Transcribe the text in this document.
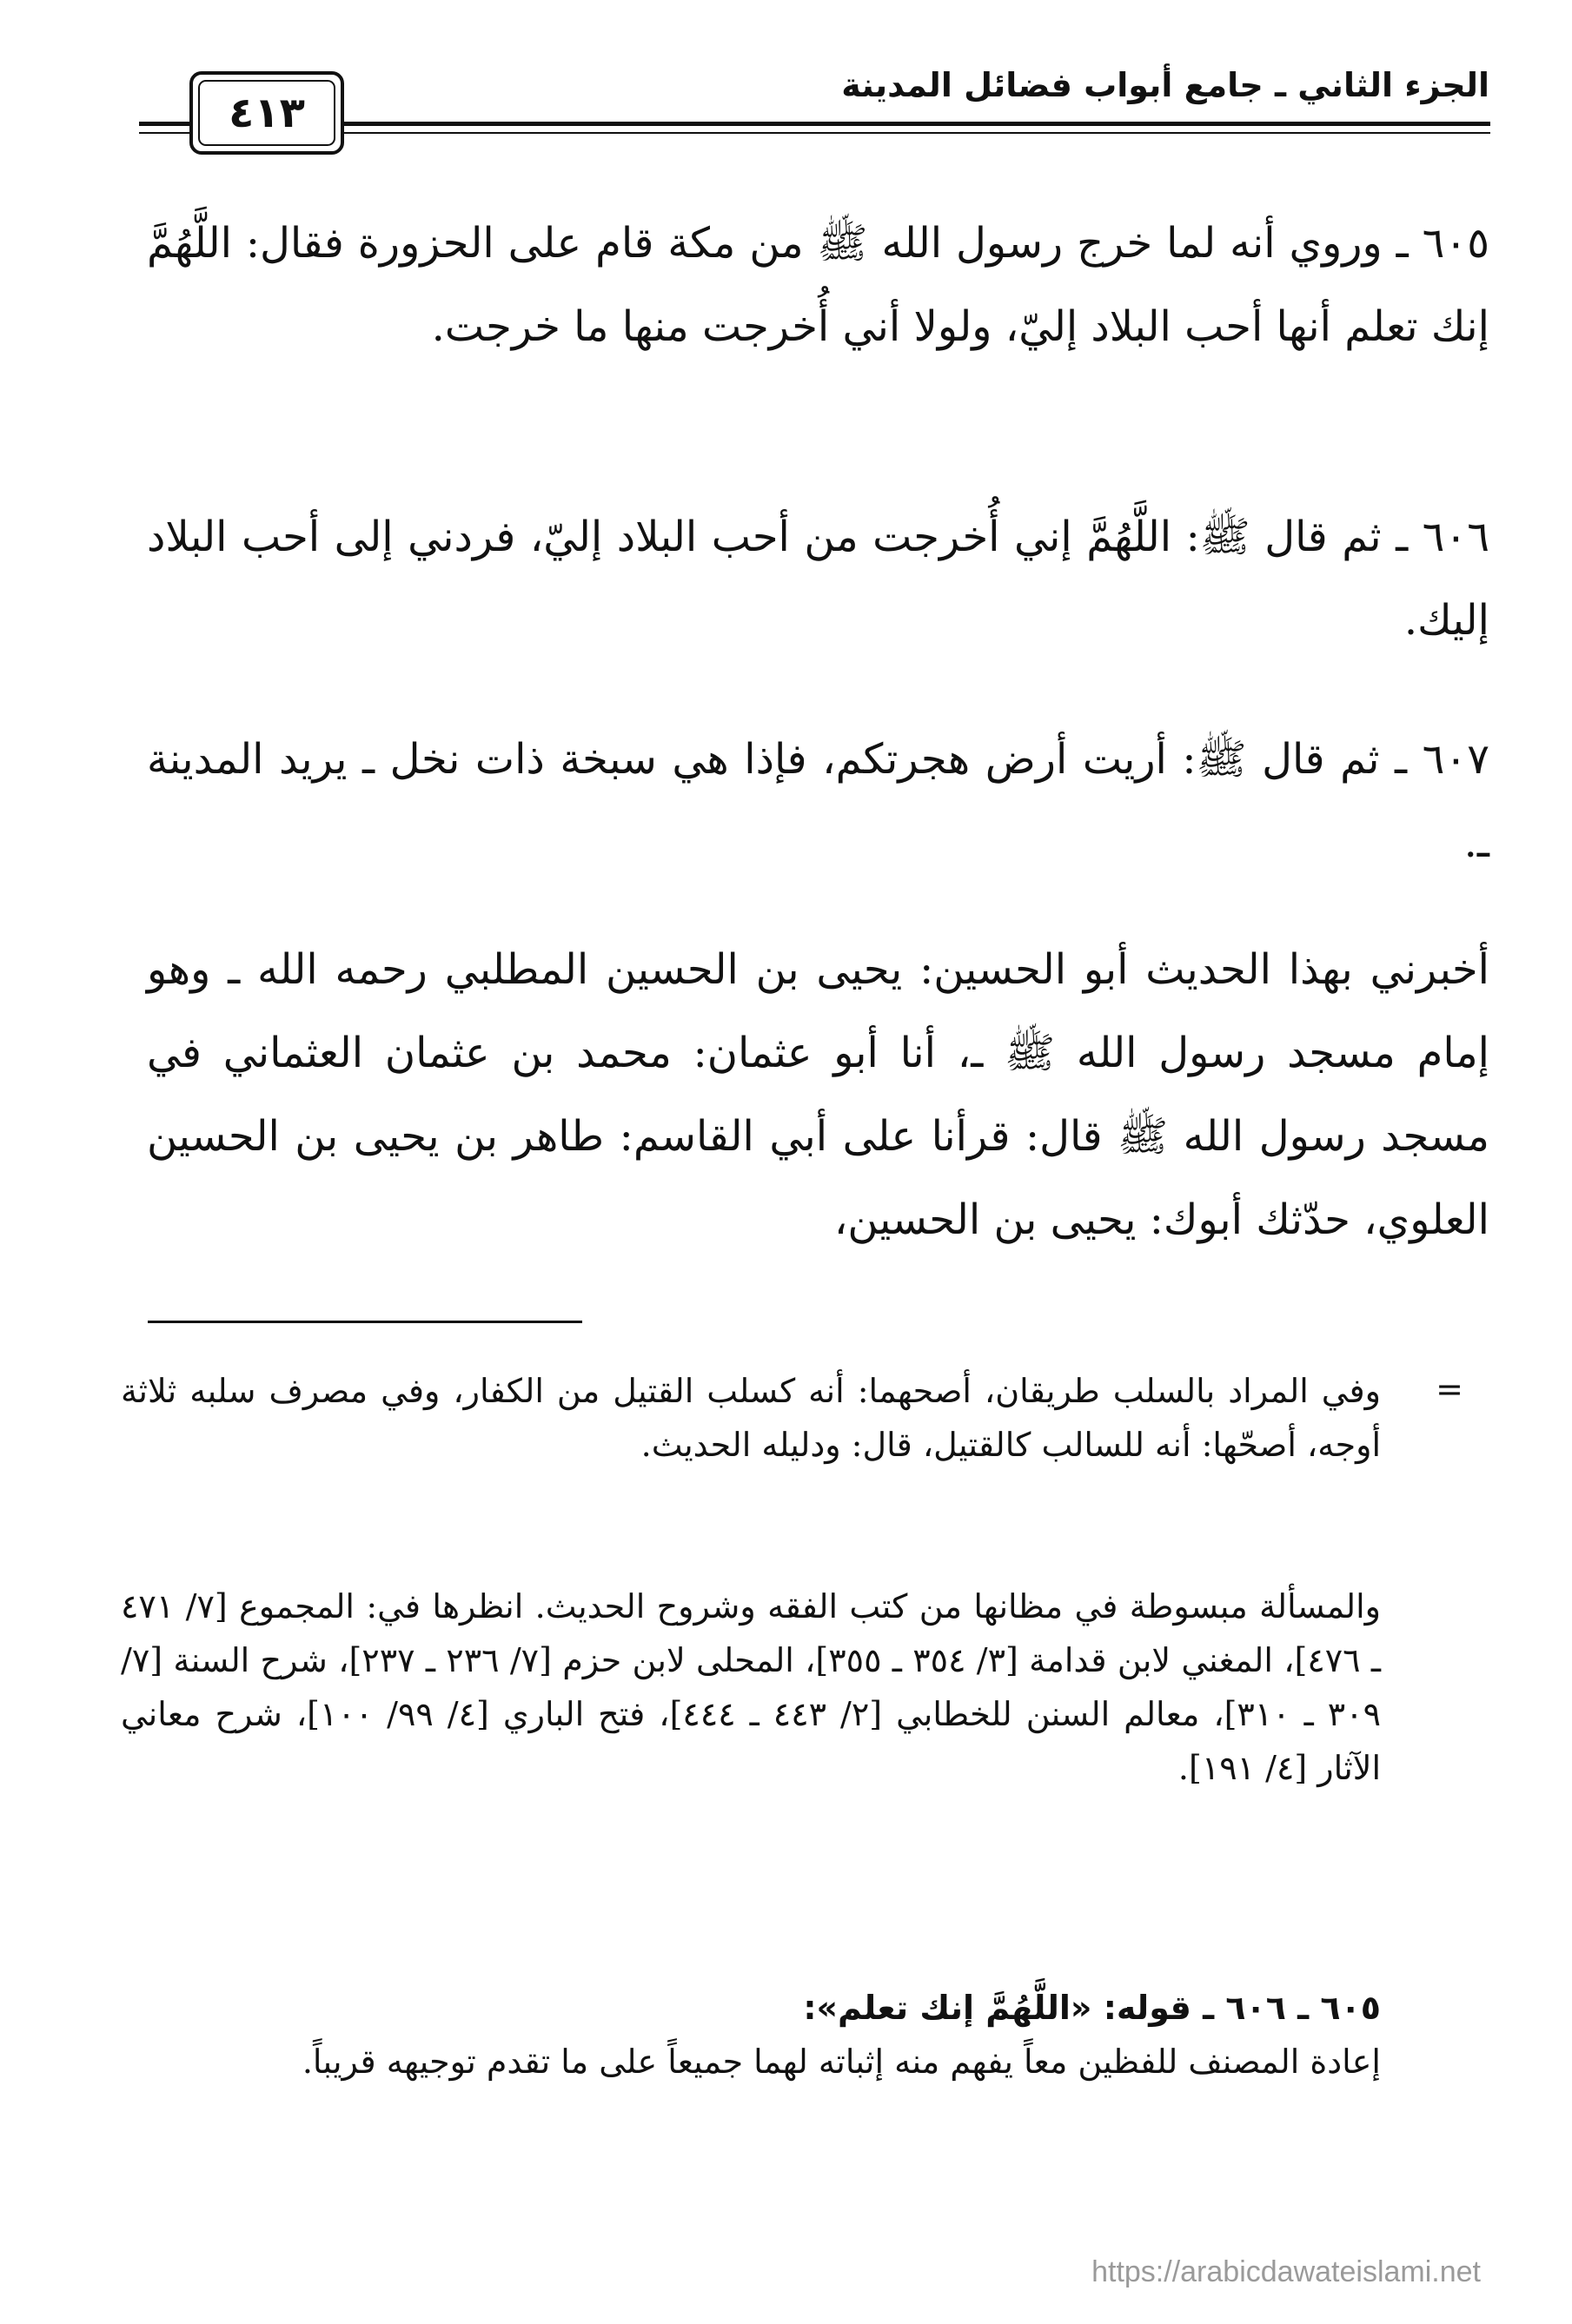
الجزء الثاني ـ جامع أبواب فضائل المدينة
٤١٣

٦٠٥ ـ وروي أنه لما خرج رسول الله ﷺ من مكة قام على الحزورة فقال: اللَّهُمَّ إنك تعلم أنها أحب البلاد إليّ، ولولا أني أُخرجت منها ما خرجت.

٦٠٦ ـ ثم قال ﷺ: اللَّهُمَّ إني أُخرجت من أحب البلاد إليّ، فردني إلى أحب البلاد إليك.

٦٠٧ ـ ثم قال ﷺ: أريت أرض هجرتكم، فإذا هي سبخة ذات نخل ـ يريد المدينة ـ.

أخبرني بهذا الحديث أبو الحسين: يحيى بن الحسين المطلبي رحمه الله ـ وهو إمام مسجد رسول الله ﷺ ـ، أنا أبو عثمان: محمد بن عثمان العثماني في مسجد رسول الله ﷺ قال: قرأنا على أبي القاسم: طاهر بن يحيى بن الحسين العلوي، حدّثك أبوك: يحيى بن الحسين،

=

وفي المراد بالسلب طريقان، أصحهما: أنه كسلب القتيل من الكفار، وفي مصرف سلبه ثلاثة أوجه، أصحّها: أنه للسالب كالقتيل، قال: ودليله الحديث.

والمسألة مبسوطة في مظانها من كتب الفقه وشروح الحديث. انظرها في: المجموع [٧/ ٤٧١ ـ ٤٧٦]، المغني لابن قدامة [٣/ ٣٥٤ ـ ٣٥٥]، المحلى لابن حزم [٧/ ٢٣٦ ـ ٢٣٧]، شرح السنة [٧/ ٣٠٩ ـ ٣١٠]، معالم السنن للخطابي [٢/ ٤٤٣ ـ ٤٤٤]، فتح الباري [٤/ ٩٩/ ١٠٠]، شرح معاني الآثار [٤/ ١٩١].

٦٠٥ ـ ٦٠٦ ـ قوله: «اللَّهُمَّ إنك تعلم»:

إعادة المصنف للفظين معاً يفهم منه إثباته لهما جميعاً على ما تقدم توجيهه قريباً.

https://arabicdawateislami.net
